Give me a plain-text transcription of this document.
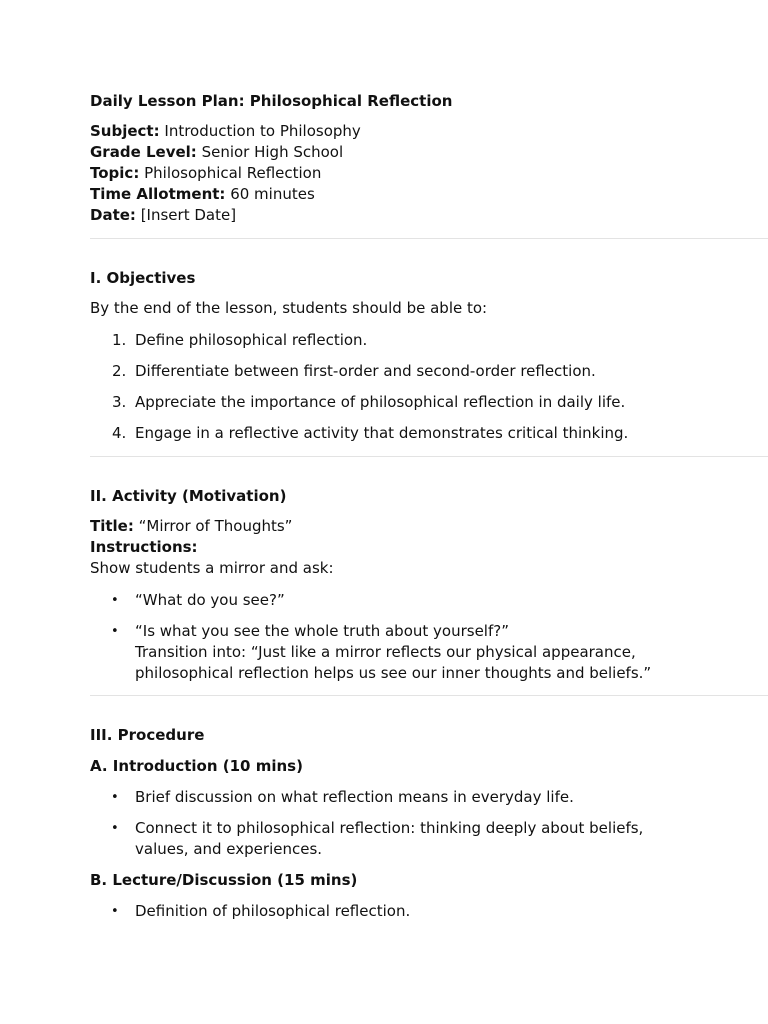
Daily Lesson Plan: Philosophical Reflection

Subject: Introduction to Philosophy

Grade Level: Senior High School

Topic: Philosophical Reflection

Time Allotment: 60 minutes

Date: [Insert Date]

I. Objectives

By the end of the lesson, students should be able to:

1. Define philosophical reflection.
2. Differentiate between first-order and second-order reflection.
3. Appreciate the importance of philosophical reflection in daily life.
4. Engage in a reflective activity that demonstrates critical thinking.

II. Activity (Motivation)

Title: “Mirror of Thoughts”

Instructions:

Show students a mirror and ask:

• “What do you see?”
• “Is what you see the whole truth about yourself?”
Transition into: “Just like a mirror reflects our physical appearance, philosophical reflection helps us see our inner thoughts and beliefs.”

III. Procedure

A. Introduction (10 mins)

• Brief discussion on what reflection means in everyday life.
• Connect it to philosophical reflection: thinking deeply about beliefs, values, and experiences.

B. Lecture/Discussion (15 mins)

• Definition of philosophical reflection.
